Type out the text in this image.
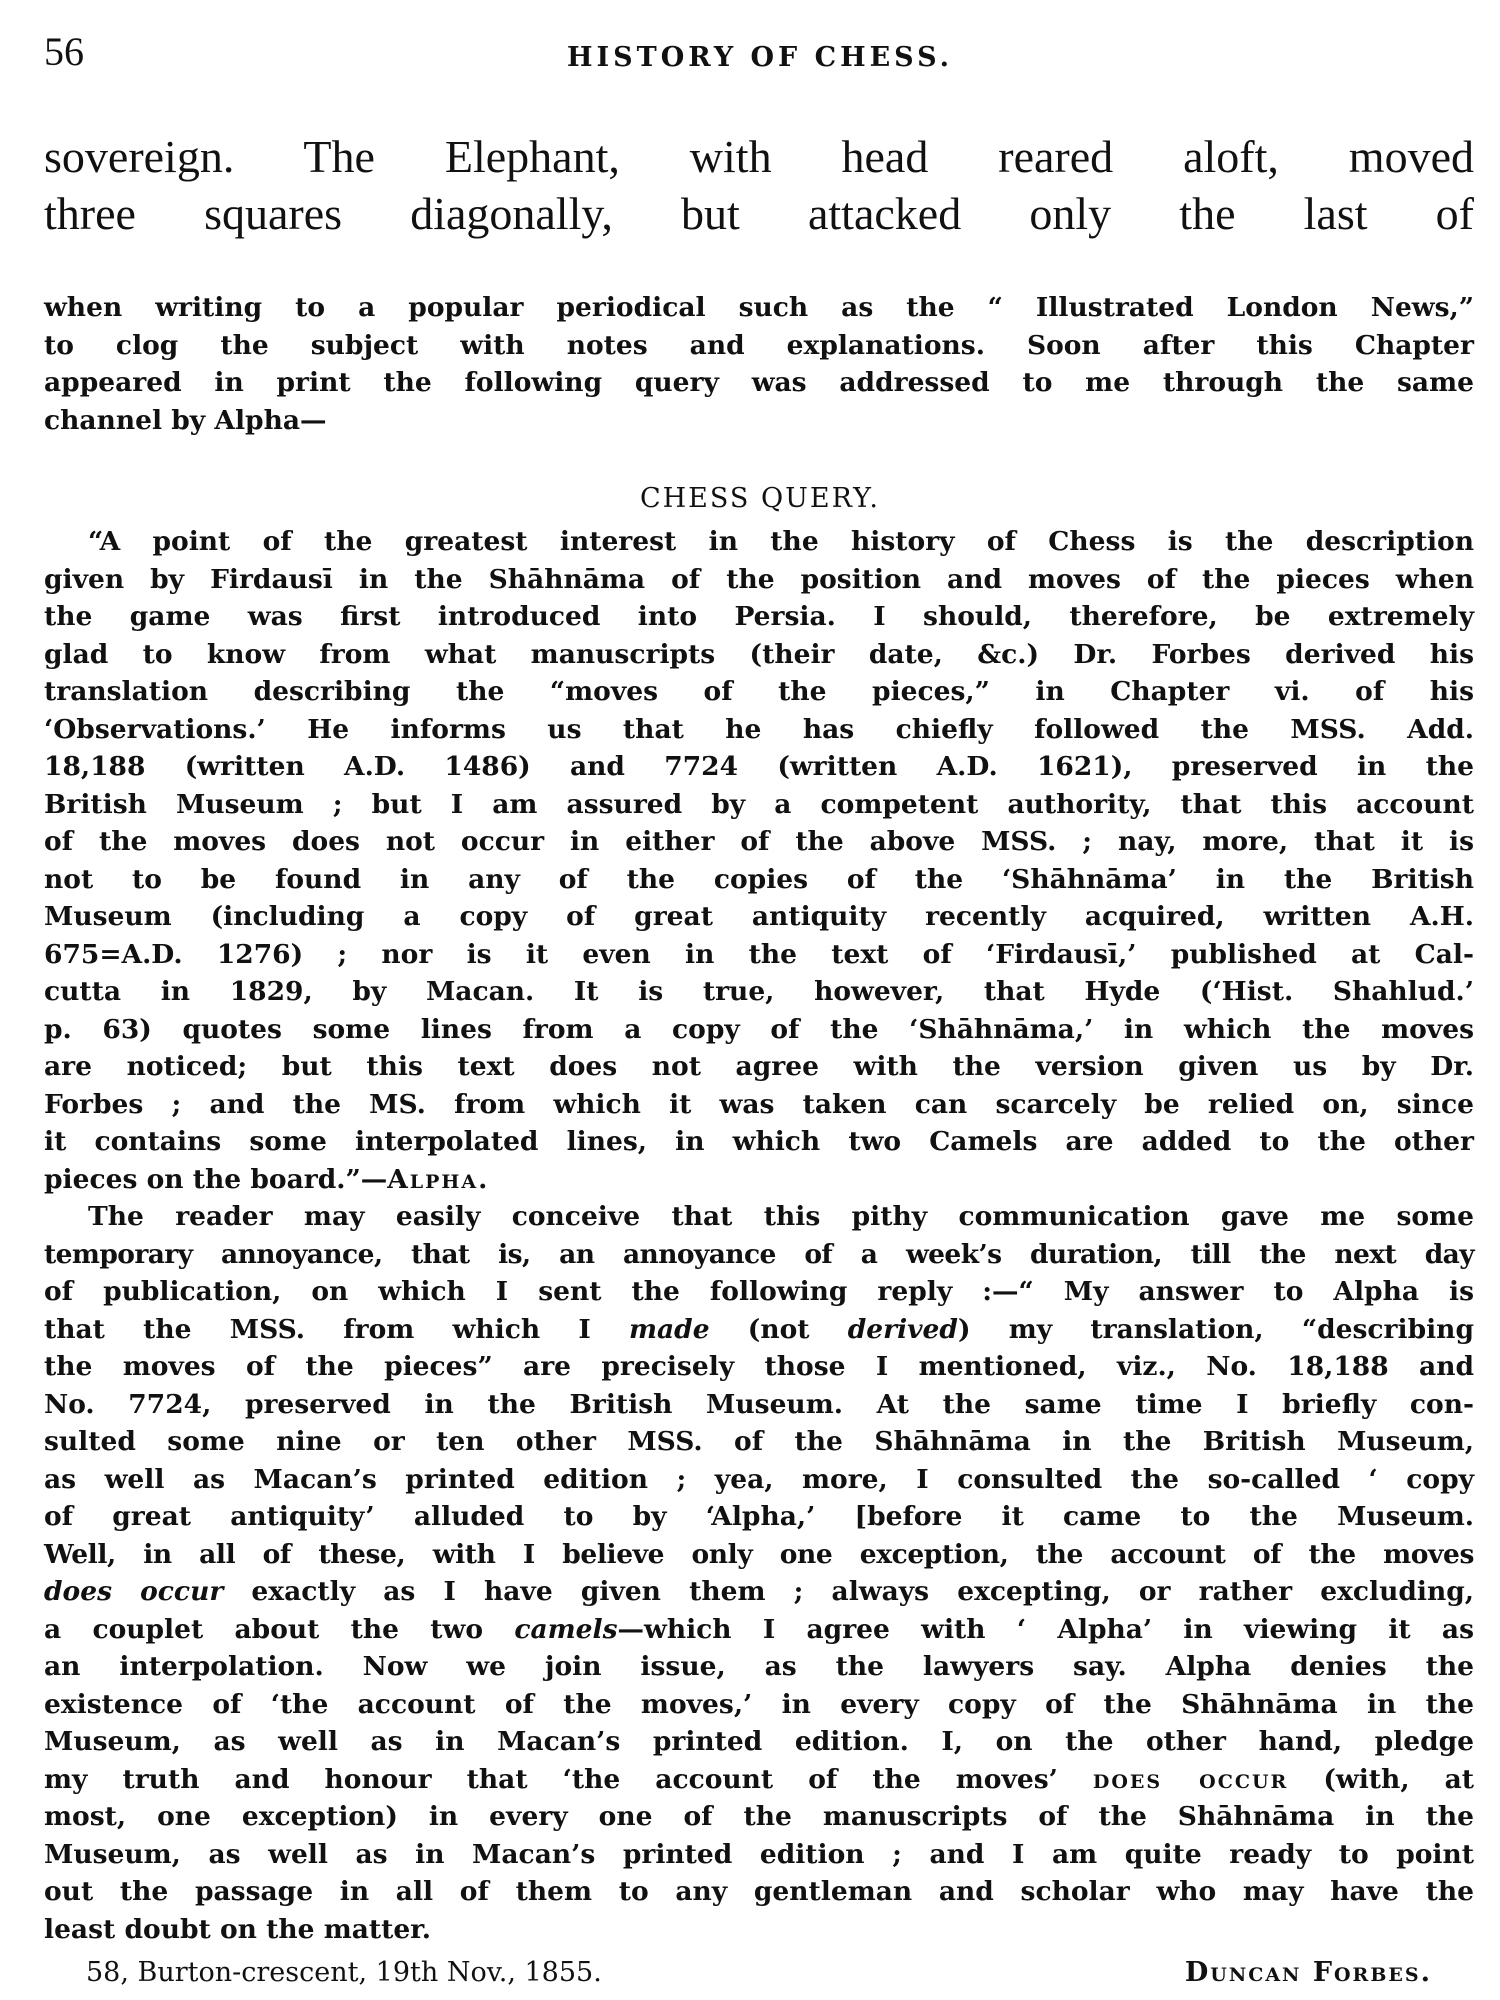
56	HISTORY OF CHESS.
sovereign. The Elephant, with head reared aloft, moved
three squares diagonally, but attacked only the last of
when writing to a popular periodical such as the “ Illustrated London News,”
to clog the subject with notes and explanations. Soon after this Chapter
appeared in print the following query was addressed to me through the same
channel by Alpha—
CHESS QUERY.
“A point of the greatest interest in the history of Chess is the description
given by Firdausī in the Shāhnāma of the position and moves of the pieces when
the game was first introduced into Persia. I should, therefore, be extremely
glad to know from what manuscripts (their date, &c.) Dr. Forbes derived his
translation describing the “moves of the pieces,” in Chapter vi. of his
‘Observations.’ He informs us that he has chiefly followed the MSS. Add.
18,188 (written A.D. 1486) and 7724 (written A.D. 1621), preserved in the
British Museum ; but I am assured by a competent authority, that this account
of the moves does not occur in either of the above MSS. ; nay, more, that it is
not to be found in any of the copies of the ‘Shāhnāma’ in the British
Museum (including a copy of great antiquity recently acquired, written A.H.
675=A.D. 1276) ; nor is it even in the text of ‘Firdausī,’ published at Cal-
cutta in 1829, by Macan. It is true, however, that Hyde (‘Hist. Shahlud.’
p. 63) quotes some lines from a copy of the ‘Shāhnāma,’ in which the moves
are noticed; but this text does not agree with the version given us by Dr.
Forbes ; and the MS. from which it was taken can scarcely be relied on, since
it contains some interpolated lines, in which two Camels are added to the other
pieces on the board.”—Alpha.
The reader may easily conceive that this pithy communication gave me some
temporary annoyance, that is, an annoyance of a week’s duration, till the next day
of publication, on which I sent the following reply :—“ My answer to Alpha is
that the MSS. from which I made (not derived) my translation, “describing
the moves of the pieces” are precisely those I mentioned, viz., No. 18,188 and
No. 7724, preserved in the British Museum. At the same time I briefly con-
sulted some nine or ten other MSS. of the Shāhnāma in the British Museum,
as well as Macan’s printed edition ; yea, more, I consulted the so-called ‘ copy
of great antiquity’ alluded to by ‘Alpha,’ [before it came to the Museum.
Well, in all of these, with I believe only one exception, the account of the moves
does occur exactly as I have given them ; always excepting, or rather excluding,
a couplet about the two camels—which I agree with ‘ Alpha’ in viewing it as
an interpolation. Now we join issue, as the lawyers say. Alpha denies the
existence of ‘the account of the moves,’ in every copy of the Shāhnāma in the
Museum, as well as in Macan’s printed edition. I, on the other hand, pledge
my truth and honour that ‘the account of the moves’ does occur (with, at
most, one exception) in every one of the manuscripts of the Shāhnāma in the
Museum, as well as in Macan’s printed edition ; and I am quite ready to point
out the passage in all of them to any gentleman and scholar who may have the
least doubt on the matter.
58, Burton-crescent, 19th Nov., 1855.	Duncan Forbes.
